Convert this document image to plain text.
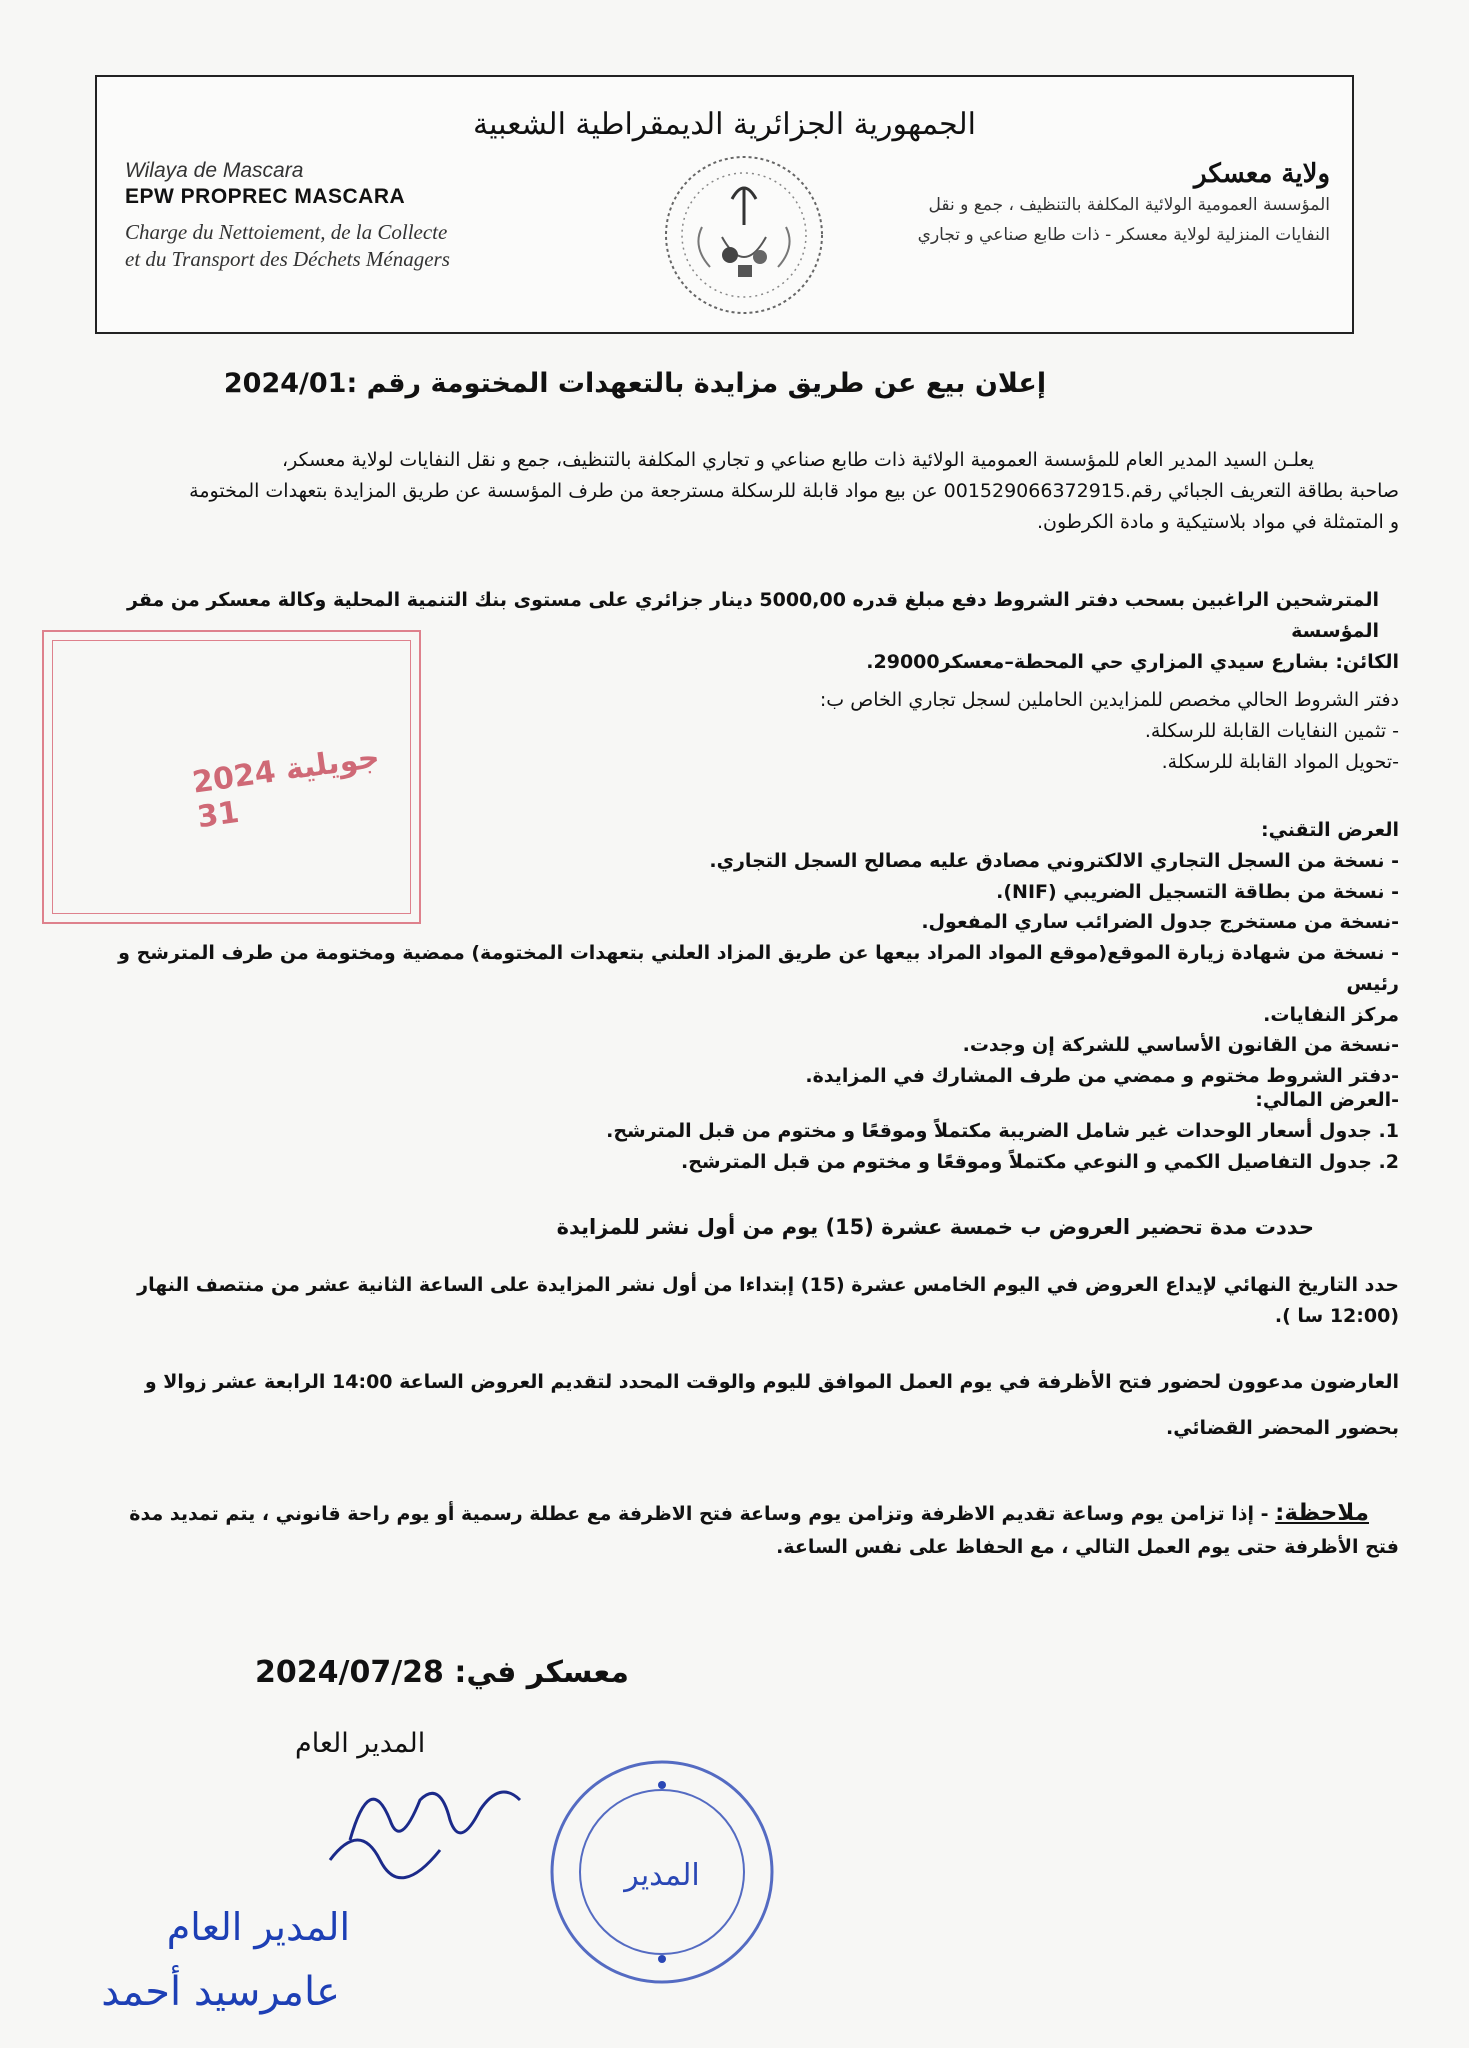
الجمهورية الجزائرية الديمقراطية الشعبية
Wilaya de Mascara
EPW PROPREC MASCARA
Charge du Nettoiement, de la Collecte
et du Transport des Déchets Ménagers
ولاية معسكر
المؤسسة العمومية الولائية المكلفة بالتنظيف ، جمع و نقل
النفايات المنزلية لولاية معسكر - ذات طابع صناعي و تجاري
إعلان بيع عن طريق مزايدة بالتعهدات المختومة رقم :2024/01

يعلـن السيد المدير العام للمؤسسة العمومية الولائية ذات طابع صناعي و تجاري المكلفة بالتنظيف، جمع و نقل النفايات لولاية معسكر،

صاحبة بطاقة التعريف الجبائي رقم.001529066372915 عن بيع مواد قابلة للرسكلة مسترجعة من طرف المؤسسة عن طريق المزايدة بتعهدات المختومة

و المتمثلة في مواد بلاستيكية و مادة الكرطون.

المترشحين الراغبين بسحب دفتر الشروط دفع مبلغ قدره 5000,00 دينار جزائري على مستوى بنك التنمية المحلية وكالة معسكر من مقر المؤسسة

الكائن: بشارع سيدي المزاري حي المحطة–معسكر29000.

دفتر الشروط الحالي مخصص للمزايدين الحاملين لسجل تجاري الخاص ب:

- تثمين النفايات القابلة للرسكلة.

-تحويل المواد القابلة للرسكلة.

2024 جويلية 31	العرض التقني:

- نسخة من السجل التجاري الالكتروني مصادق عليه مصالح السجل التجاري.

- نسخة من بطاقة التسجيل الضريبي (NIF).

-نسخة من مستخرج جدول الضرائب ساري المفعول.

- نسخة من شهادة زيارة الموقع(موقع المواد المراد بيعها عن طريق المزاد العلني بتعهدات المختومة) ممضية ومختومة من طرف المترشح و رئيس

مركز النفايات.

-نسخة من القانون الأساسي للشركة إن وجدت.

-دفتر الشروط مختوم و ممضي من طرف المشارك في المزايدة.

-العرض المالي:

1. جدول أسعار الوحدات غير شامل الضريبة مكتملاً وموقعًا و مختوم من قبل المترشح.

2. جدول التفاصيل الكمي و النوعي مكتملاً وموقعًا و مختوم من قبل المترشح.

حددت مدة تحضير العروض ب خمسة عشرة (15) يوم من أول نشر للمزايدة

حدد التاريخ النهائي لإيداع العروض في اليوم الخامس عشرة (15) إبتداءا من أول نشر المزايدة على الساعة الثانية عشر من منتصف النهار

(12:00 سا ).

العارضون مدعوون لحضور فتح الأظرفة في يوم العمل الموافق لليوم والوقت المحدد لتقديم العروض الساعة 14:00 الرابعة عشر زوالا و

بحضور المحضر القضائي.

ملاحظة: - إذا تزامن يوم وساعة تقديم الاظرفة وتزامن يوم وساعة فتح الاظرفة مع عطلة رسمية أو يوم راحة قانوني ، يتم تمديد مدة

فتح الأظرفة حتى يوم العمل التالي ، مع الحفاظ على نفس الساعة.

معسكر في: 2024/07/28
المدير العام
المدير العام
عامرسيد أحمد
المدير
